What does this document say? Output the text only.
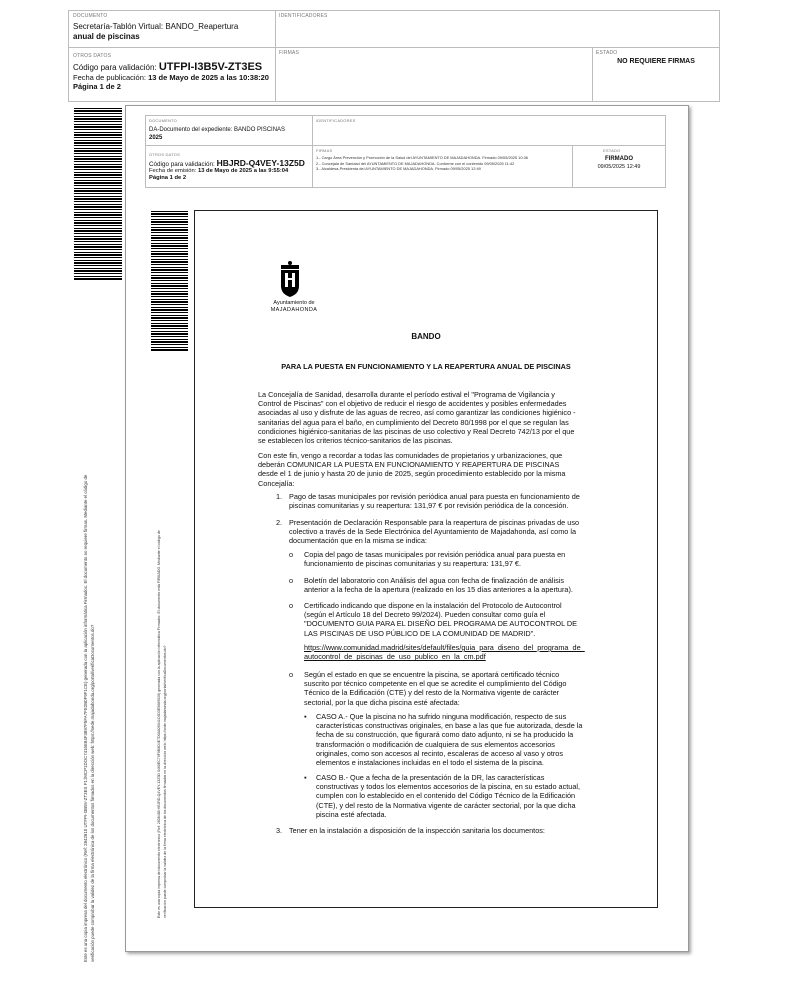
DOCUMENTO
Secretaría-Tablón Virtual: BANDO_Reapertura
anual de piscinas
IDENTIFICADORES
OTROS DATOS
Código para validación: UTFPI-I3B5V-ZT3ES
Fecha de publicación: 13 de Mayo de 2025 a las 10:38:20
Página 1 de 2
FIRMAS	ESTADO
NO REQUIERE FIRMAS
Este es una copia impresa del documento electrónico (Ref: 2842810 UTFPI-I3B5V-ZT3ES F1:/MCP1DOC7416E84F3897F5FA7FE2B0F9F1CE) generada con la aplicación informática Firmadoc. El documento no requiere firmas. Mediante el código de verificación puede comprobar la validez de la firma electrónica de los documentos firmados en la dirección web: https://sede.majadahonda.org/portal/verificaDocumentos.do?
DOCUMENTO
DA-Documento del expediente: BANDO PISCINAS
2025
IDENTIFICADORES
OTROS DATOS
Código para validación: HBJRD-Q4VEY-13Z5D
Fecha de emisión: 13 de Mayo de 2025 a las 9:55:04
Página 1 de 2
FIRMAS
1.- Cargo Área Prevención y Promoción de la Salud del AYUNTAMIENTO DE MAJADAHONDA. Firmado 09/05/2025 10:36
2.- Concejala de Sanidad del AYUNTAMIENTO DE MAJADAHONDA. Conforme con el contenido 09/05/2025 11:42
3.- Alcaldesa-Presidenta del AYUNTAMIENTO DE MAJADAHONDA. Firmado 09/05/2025 12:49
ESTADO
FIRMADO
09/05/2025 12:49
Este es una copia impresa del documento electrónico (Ref: 2838488 HBJRD-Q4VEY-13Z5D 0460EC70F0B8D4E7D0A826041C6D3E5689026) generada con la aplicación informática Firmadoc. El documento está FIRMADO. Mediante el código de verificación puede comprobar la validez de la firma electrónica de los documentos firmados en la dirección web: https://sede.majadahonda.org/portal/verificaDocumentos.do?
Ayuntamiento de
MAJADAHONDA
BANDO
PARA LA PUESTA EN FUNCIONAMIENTO Y LA REAPERTURA ANUAL DE PISCINAS
La Concejalía de Sanidad, desarrolla durante el período estival el "Programa de Vigilancia y
Control de Piscinas" con el objetivo de reducir el riesgo de accidentes y posibles enfermedades
asociadas al uso y disfrute de las aguas de recreo, así como garantizar las condiciones higiénico -
sanitarias del agua para el baño, en cumplimiento del Decreto 80/1998 por el que se regulan las
condiciones higiénico-sanitarias de las piscinas de uso colectivo y Real Decreto 742/13 por el que
se establecen los criterios técnico-sanitarios de las piscinas.
Con este fin, vengo a recordar a todas las comunidades de propietarios y urbanizaciones, que
deberán COMUNICAR LA PUESTA EN FUNCIONAMIENTO Y REAPERTURA DE PISCINAS
desde el 1 de junio y hasta 20 de junio de 2025, según procedimiento establecido por la misma
Concejalía:
1. Pago de tasas municipales por revisión periódica anual para puesta en funcionamiento de
piscinas comunitarias y su reapertura: 131,97 € por revisión periódica de la concesión.
2. Presentación de Declaración Responsable para la reapertura de piscinas privadas de uso
colectivo a través de la Sede Electrónica del Ayuntamiento de Majadahonda, así como la
documentación que en la misma se indica:
o Copia del pago de tasas municipales por revisión periódica anual para puesta en
funcionamiento de piscinas comunitarias y su reapertura: 131,97 €.
o Boletín del laboratorio con Análisis del agua con fecha de finalización de análisis
anterior a la fecha de la apertura (realizado en los 15 días anteriores a la apertura).
o Certificado indicando que dispone en la instalación del Protocolo de Autocontrol
(según el Artículo 18 del Decreto 99/2024). Pueden consultar como guía el
"DOCUMENTO GUIA PARA EL DISEÑO DEL PROGRAMA DE AUTOCONTROL DE
LAS PISCINAS DE USO PÚBLICO DE LA COMUNIDAD DE MADRID".
https://www.comunidad.madrid/sites/default/files/guia_para_diseno_del_programa_de_
autocontrol_de_piscinas_de_uso_publico_en_la_cm.pdf
o Según el estado en que se encuentre la piscina, se aportará certificado técnico
suscrito por técnico competente en el que se acredite el cumplimiento del Código
Técnico de la Edificación (CTE) y del resto de la Normativa vigente de carácter
sectorial, por la que dicha piscina esté afectada:
▪ CASO A.- Que la piscina no ha sufrido ninguna modificación, respecto de sus
características constructivas originales, en base a las que fue autorizada, desde la
fecha de su construcción, que figurará como dato adjunto, ni se ha producido la
transformación o modificación de cualquiera de sus elementos accesorios
originales, como son accesos al recinto, escaleras de acceso al vaso y otros
elementos e instalaciones incluidas en el todo el sistema de la piscina.
▪ CASO B.- Que a fecha de la presentación de la DR, las características
constructivas y todos los elementos accesorios de la piscina, en su estado actual,
cumplen con lo establecido en el contenido del Código Técnico de la Edificación
(CTE), y del resto de la Normativa vigente de carácter sectorial, por la que dicha
piscina esté afectada.
3. Tener en la instalación a disposición de la inspección sanitaria los documentos:
